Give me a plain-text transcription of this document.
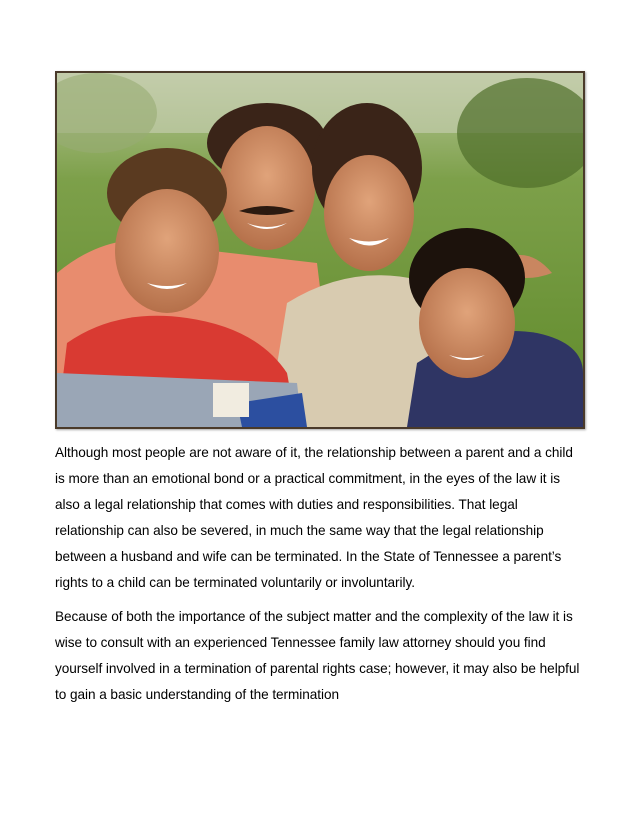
Although most people are not aware of it, the relationship between a parent and a child is more than an emotional bond or a practical commitment, in the eyes of the law it is also a legal relationship that comes with duties and responsibilities. That legal relationship can also be severed, in much the same way that the legal relationship between a husband and wife can be terminated. In the State of Tennessee a parent’s rights to a child can be terminated voluntarily or involuntarily.

Because of both the importance of the subject matter and the complexity of the law it is wise to consult with an experienced Tennessee family law attorney should you find yourself involved in a termination of parental rights case; however, it may also be helpful to gain a basic understanding of the termination
